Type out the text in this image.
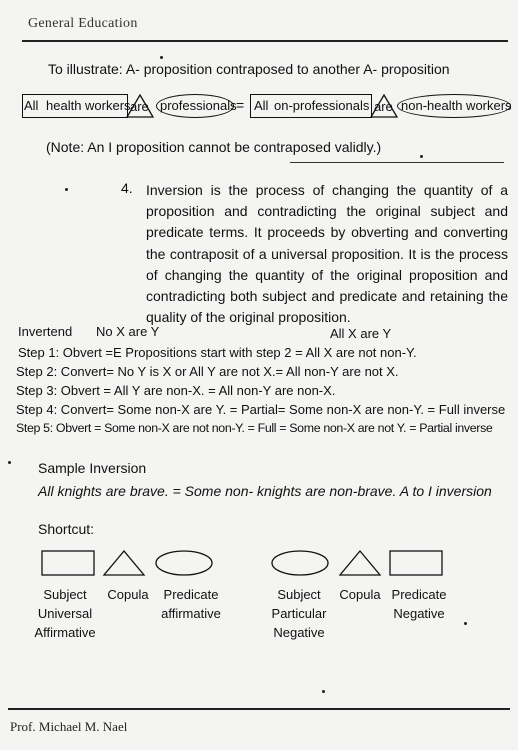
General Education
To illustrate: A- proposition contraposed to another A- proposition
All health workers are professionals = All on-professionals are non-health workers
(Note: An I proposition cannot be contraposed validly.)
4. Inversion is the process of changing the quantity of a proposition and contradicting the original subject and predicate terms. It proceeds by obverting and converting the contraposit of a universal proposition. It is the process of changing the quantity of the original proposition and contradicting both subject and predicate and retaining the quality of the original proposition.
Invertend No X are Y	All X are Y
Step 1: Obvert =E Propositions start with step 2 = All X are not non-Y.
Step 2: Convert= No Y is X or All Y are not X.= All non-Y are not X.
Step 3: Obvert = All Y are non-X. = All non-Y are non-X.
Step 4: Convert= Some non-X are Y. = Partial= Some non-X are non-Y. = Full inverse
Step 5: Obvert = Some non-X are not non-Y. = Full = Some non-X are not Y. = Partial inverse
Sample Inversion
All knights are brave. = Some non- knights are non-brave. A to I inversion
Shortcut:
Subject Universal Affirmative
Copula	Predicate affirmative
Subject Particular Negative
Copula Predicate Negative
Prof. Michael M. Nael
